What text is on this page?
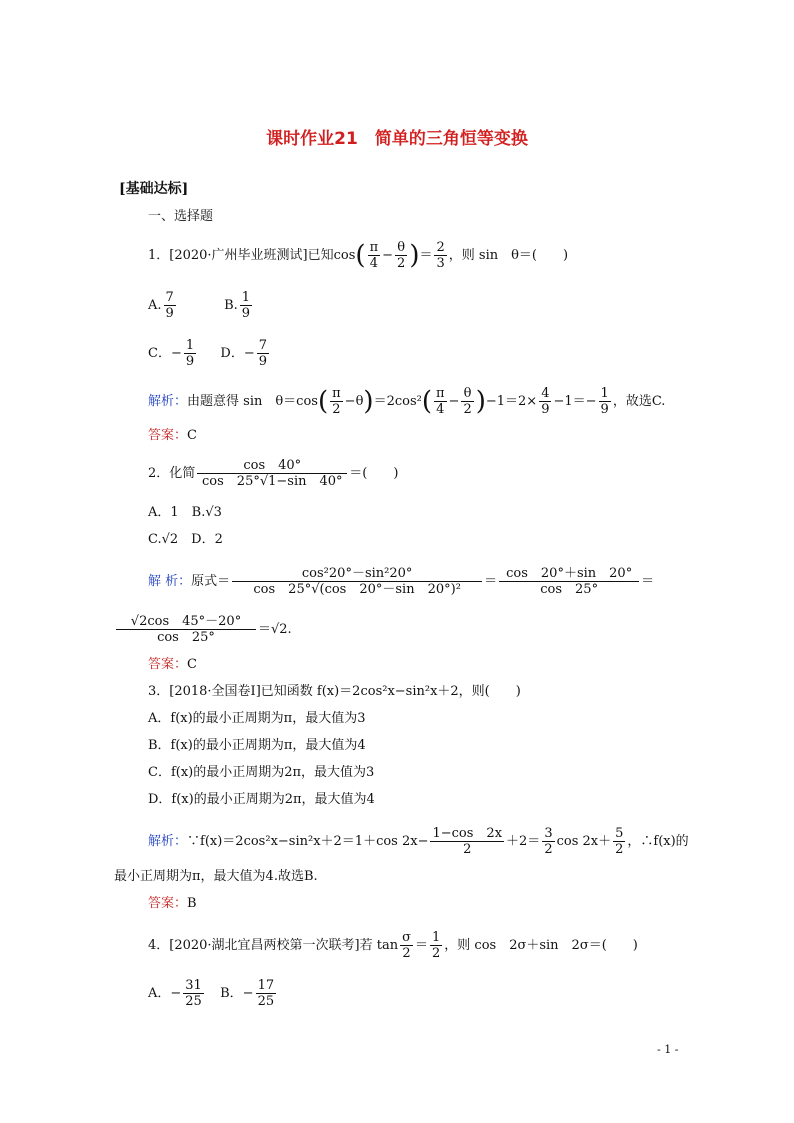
课时作业21　简单的三角恒等变换
[基础达标]
一、选择题
1．[2020·广州毕业班测试]已知$\cos( \frac{\pi}{4} - \frac{\theta}{2}$ )＝ $\frac{2}{3}$ ，则 sin　θ＝(　　)
A. $\frac{7}{9}$	B. $\frac{1}{9}$
C．− $\frac{1}{9}$ D．− $\frac{7}{9}$
解析：由题意得 sin　$\theta=\cos( \frac{\pi}{2} -\theta)=2\cos^2( \frac{\pi}{4} - \frac{\theta}{2} )-1=2\times \frac{4}{9} -1=- \frac{1}{9}$ ，故选C.
答案：C
2．化简 $\frac{\cos 40^\circ}{\cos 25^\circ√1-\sin 40^\circ}$ ＝(　　)
A．1　B.√3
C.√2　D．2
解 析：原式＝ $\frac{\text{cos²20°－sin²20°}}{\text{cos　25°√(cos　20°－sin　20°)²}} = \frac{\cos 20^\circ+\sin 20^\circ}{\cos 25^\circ}$ ＝
$\frac{√2\cos 45^\circ-20^\circ}{\cos 25^\circ} =√2$.
答案：C
3．[2018·全国卷Ⅰ]已知函数 f(x)＝2cos²x−sin²x＋2，则(　　)
A．f(x)的最小正周期为π，最大值为3
B．f(x)的最小正周期为π，最大值为4
C．f(x)的最小正周期为2π，最大值为3
D．f(x)的最小正周期为2π，最大值为4
解析：∵f(x)＝2cos²x−sin²x＋2＝1＋cos $2x- \frac{1-\cos 2x}{2} +2= \frac{3}{2}$ $\cos 2x+ \frac{5}{2}$ ，∴f(x)的
最小正周期为π，最大值为4.故选B.
答案：B
4．[2020·湖北宜昌两校第一次联考]若 $\tan \frac{\sigma}{2} = \frac{1}{2}$ ，则 cos　2σ＋sin　2σ＝(　　)
A．− $\frac{31}{25}$ B．− $\frac{17}{25}$
- 1 -
